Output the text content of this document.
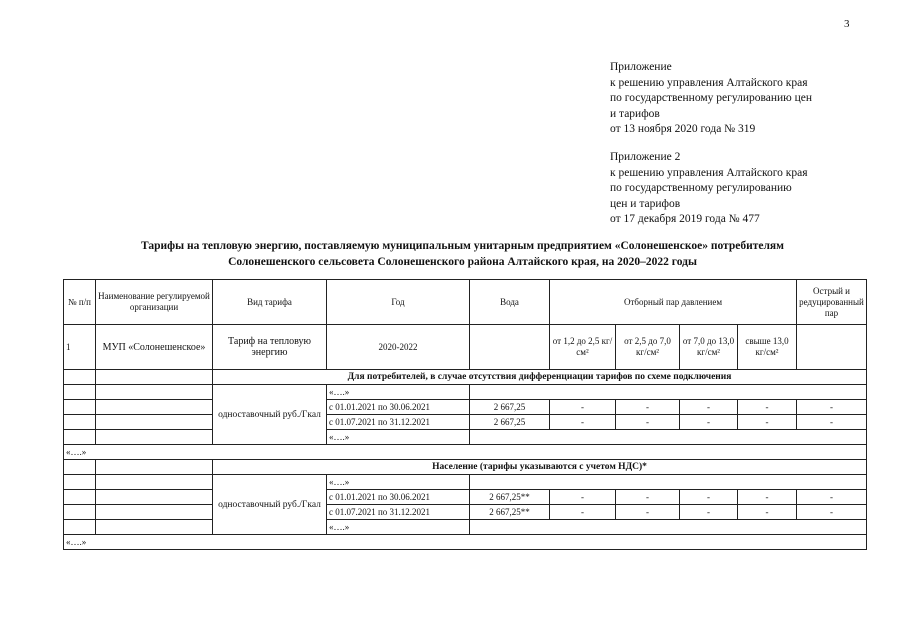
3
Приложение
к решению управления Алтайского края
по государственному регулированию цен
и тарифов
от 13 ноября 2020 года № 319
Приложение 2
к решению управления Алтайского края
по государственному регулированию
цен и тарифов
от 17 декабря 2019 года № 477
Тарифы на тепловую энергию, поставляемую муниципальным унитарным предприятием «Солонешенское» потребителям
Солонешенского сельсовета Солонешенского района Алтайского края, на 2020–2022 годы
№ п/п	Наименование регулируемой организации	Вид тарифа	Год	Вода	Отборный пар давлением				Острый и редуцированный пар
1	МУП «Солонешенское»	Тариф на тепловую энергию	2020-2022		от 1,2 до 2,5 кг/см²	от 2,5 до 7,0 кг/см²	от 7,0 до 13,0 кг/см²	свыше 13,0 кг/см²	
		Для потребителей, в случае отсутствия дифференциации тарифов по схеме подключения							
		одноставочный руб./Гкал	«….»						
			с 01.01.2021 по 30.06.2021	2 667,25	-	-	-	-	-
			с 01.07.2021 по 31.12.2021	2 667,25	-	-	-	-	-
			«….»						
«….»									
		Население (тарифы указываются с учетом НДС)*							
		одноставочный руб./Гкал	«….»						
			с 01.01.2021 по 30.06.2021	2 667,25**	-	-	-	-	-
			с 01.07.2021 по 31.12.2021	2 667,25**	-	-	-	-	-
			«….»						
«….»									
